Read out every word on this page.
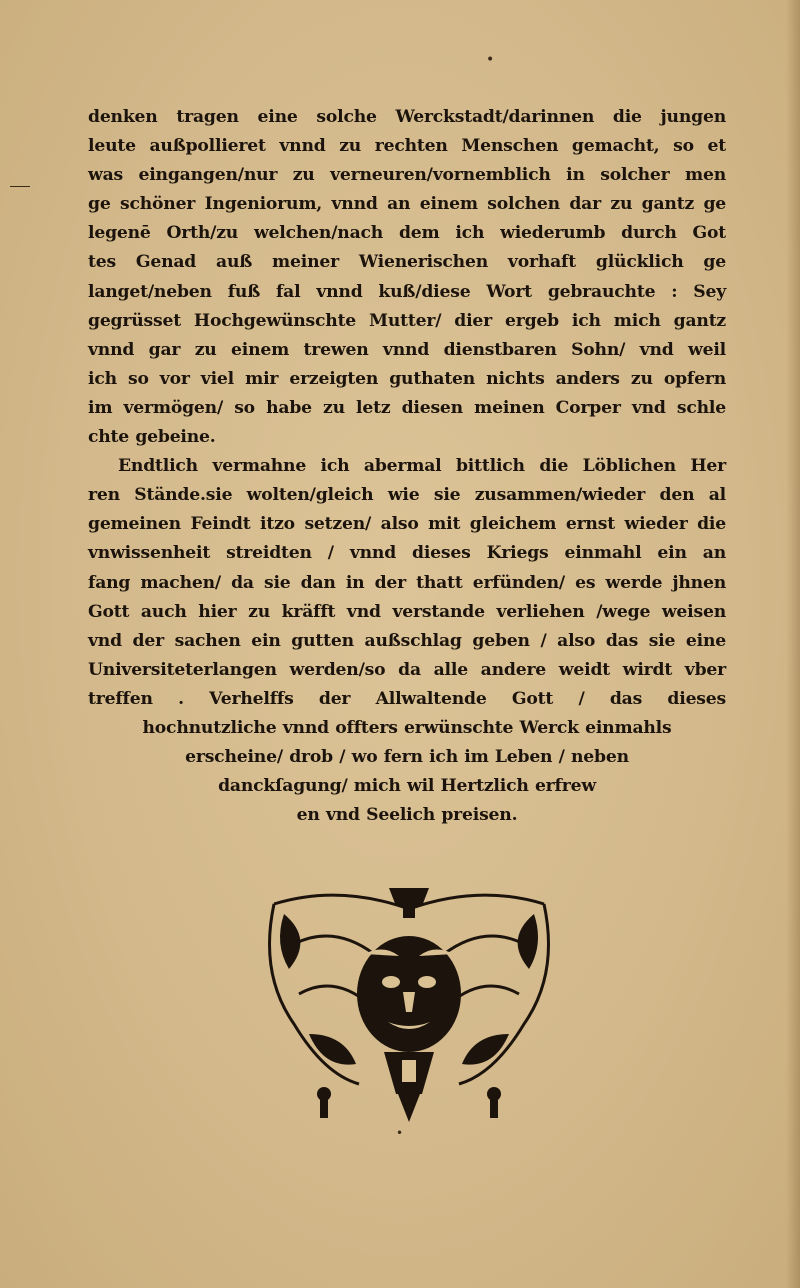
•
denken tragen eine solche Werckstadt/darinnen die jungen
leute außpollieret vnnd zu rechten Menschen gemacht, so et
was eingangen/nur zu verneuren/vornemblich in solcher men
ge schöner Ingeniorum, vnnd an einem solchen dar zu gantz ge
legenē Orth/zu welchen/nach dem ich wiederumb durch Got
tes Genad auß meiner Wienerischen vorhaft glücklich ge
langet/neben fuß fal vnnd kuß/diese Wort gebrauchte : Sey
gegrüsset Hochgewünschte Mutter/ dier ergeb ich mich gantz
vnnd gar zu einem trewen vnnd dienstbaren Sohn/ vnd weil
ich so vor viel mir erzeigten guthaten nichts anders zu opfern
im vermögen/ so habe zu letz diesen meinen Corper vnd schle
chte gebeine.
Endtlich vermahne ich abermal bittlich die Löblichen Her
ren Stände.sie wolten/gleich wie sie zusammen/wieder den al
gemeinen Feindt itzo setzen/ also mit gleichem ernst wieder die
vnwissenheit streidten / vnnd dieses Kriegs einmahl ein an
fang machen/ da sie dan in der thatt erfünden/ es werde jhnen
Gott auch hier zu kräfft vnd verstande verliehen /wege weisen
vnd der sachen ein gutten außschlag geben / also das sie eine
Universiteterlangen werden/so da alle andere weidt wirdt vber
treffen . Verhelffs der Allwaltende Gott / das dieses
hochnutzliche vnnd offters erwünschte Werck einmahls
erscheine/ drob / wo fern ich im Leben / neben
danckſagung/ mich wil Hertzlich erfrew
en vnd Seelich preisen.
•
